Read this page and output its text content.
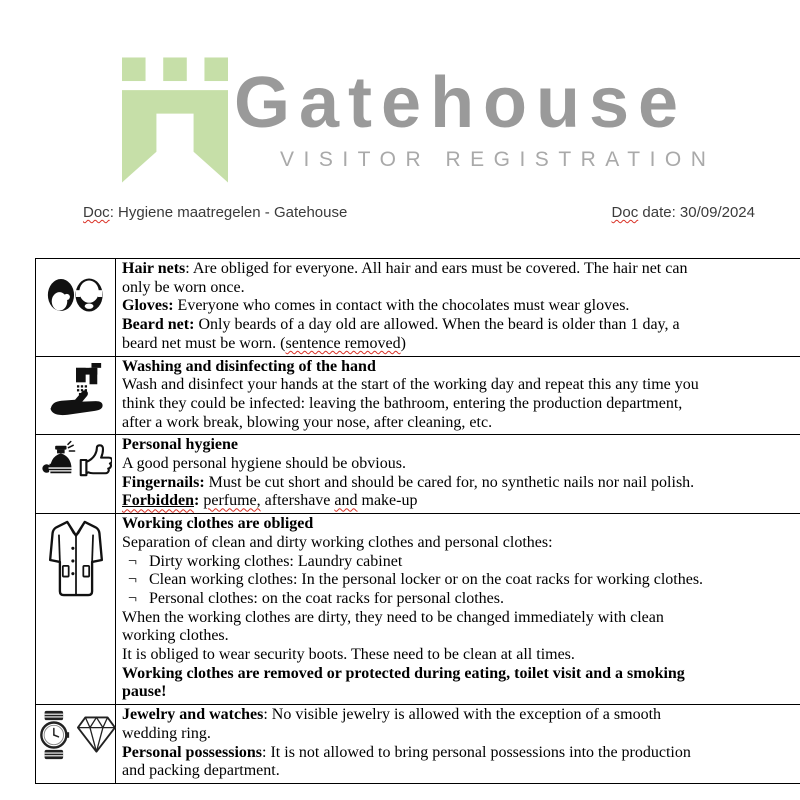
Gatehouse
VISITOR REGISTRATION
Doc: Hygiene maatregelen - Gatehouse	Doc date: 30/09/2024

Hair nets: Are obliged for everyone. All hair and ears must be covered. The hair net can only be worn once.
Gloves: Everyone who comes in contact with the chocolates must wear gloves.
Beard net: Only beards of a day old are allowed. When the beard is older than 1 day, a beard net must be worn. (sentence removed)

Washing and disinfecting of the hand
Wash and disinfect your hands at the start of the working day and repeat this any time you think they could be infected: leaving the bathroom, entering the production department, after a work break, blowing your nose, after cleaning, etc.

Personal hygiene
A good personal hygiene should be obvious.
Fingernails: Must be cut short and should be cared for, no synthetic nails nor nail polish.
Forbidden: perfume, aftershave and make-up

Working clothes are obliged
Separation of clean and dirty working clothes and personal clothes:
¬ Dirty working clothes: Laundry cabinet
¬ Clean working clothes: In the personal locker or on the coat racks for working clothes.
¬ Personal clothes: on the coat racks for personal clothes.
When the working clothes are dirty, they need to be changed immediately with clean working clothes.
It is obliged to wear security boots. These need to be clean at all times.
Working clothes are removed or protected during eating, toilet visit and a smoking pause!

Jewelry and watches: No visible jewelry is allowed with the exception of a smooth wedding ring.
Personal possessions: It is not allowed to bring personal possessions into the production and packing department.
